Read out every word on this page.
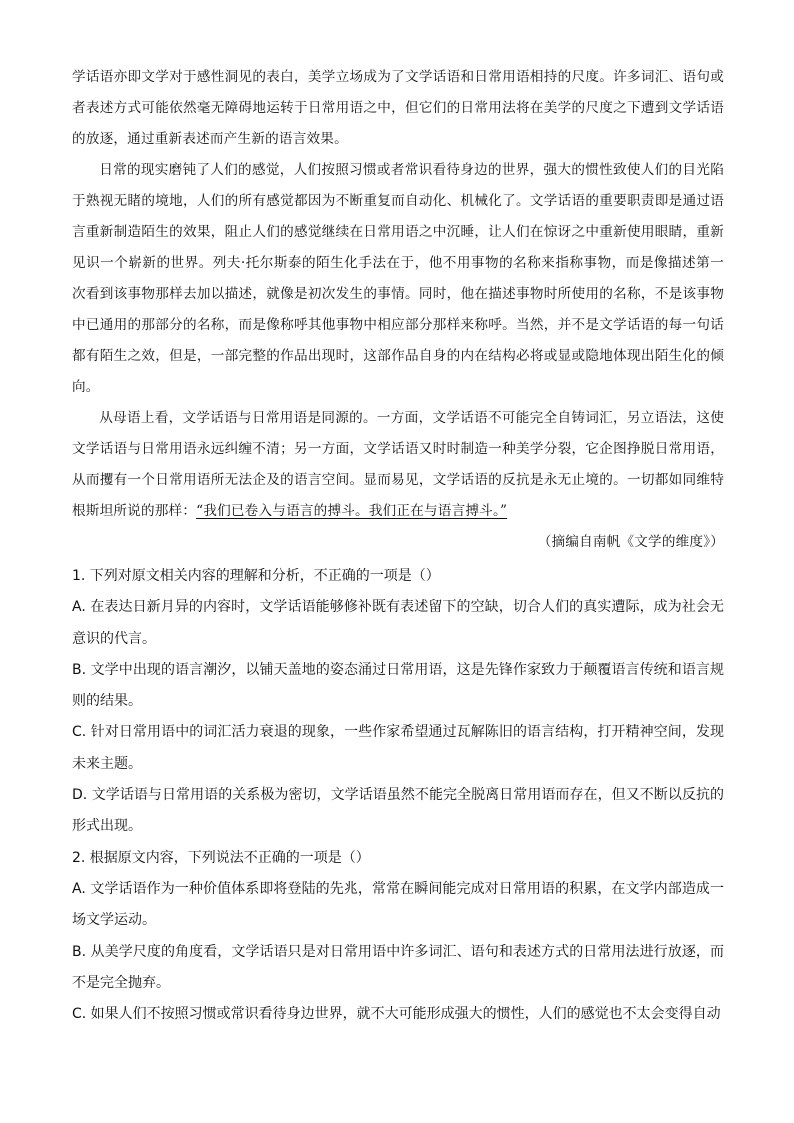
学话语亦即文学对于感性洞见的表白，美学立场成为了文学话语和日常用语相持的尺度。许多词汇、语句或者表述方式可能依然毫无障碍地运转于日常用语之中，但它们的日常用法将在美学的尺度之下遭到文学话语的放逐，通过重新表述而产生新的语言效果。

日常的现实磨钝了人们的感觉，人们按照习惯或者常识看待身边的世界，强大的惯性致使人们的目光陷于熟视无睹的境地，人们的所有感觉都因为不断重复而自动化、机械化了。文学话语的重要职责即是通过语言重新制造陌生的效果，阻止人们的感觉继续在日常用语之中沉睡，让人们在惊讶之中重新使用眼睛，重新见识一个崭新的世界。列夫·托尔斯泰的陌生化手法在于，他不用事物的名称来指称事物，而是像描述第一次看到该事物那样去加以描述，就像是初次发生的事情。同时，他在描述事物时所使用的名称，不是该事物中已通用的那部分的名称，而是像称呼其他事物中相应部分那样来称呼。当然，并不是文学话语的每一句话都有陌生之效，但是，一部完整的作品出现时，这部作品自身的内在结构必将或显或隐地体现出陌生化的倾向。

从母语上看，文学话语与日常用语是同源的。一方面，文学话语不可能完全自铸词汇，另立语法，这使文学话语与日常用语永远纠缠不清；另一方面，文学话语又时时制造一种美学分裂，它企图挣脱日常用语，从而攫有一个日常用语所无法企及的语言空间。显而易见，文学话语的反抗是永无止境的。一切都如同维特根斯坦所说的那样：“我们已卷入与语言的搏斗。我们正在与语言搏斗。”

（摘编自南帆《文学的维度》）

1. 下列对原文相关内容的理解和分析，不正确的一项是（）

A. 在表达日新月异的内容时，文学话语能够修补既有表述留下的空缺，切合人们的真实遭际，成为社会无意识的代言。

B. 文学中出现的语言潮汐，以铺天盖地的姿态涌过日常用语，这是先锋作家致力于颠覆语言传统和语言规则的结果。

C. 针对日常用语中的词汇活力衰退的现象，一些作家希望通过瓦解陈旧的语言结构，打开精神空间，发现未来主题。

D. 文学话语与日常用语的关系极为密切，文学话语虽然不能完全脱离日常用语而存在，但又不断以反抗的形式出现。

2. 根据原文内容，下列说法不正确的一项是（）

A. 文学话语作为一种价值体系即将登陆的先兆，常常在瞬间能完成对日常用语的积累，在文学内部造成一场文学运动。

B. 从美学尺度的角度看，文学话语只是对日常用语中许多词汇、语句和表述方式的日常用法进行放逐，而不是完全抛弃。

C. 如果人们不按照习惯或常识看待身边世界，就不大可能形成强大的惯性，人们的感觉也不太会变得自动
